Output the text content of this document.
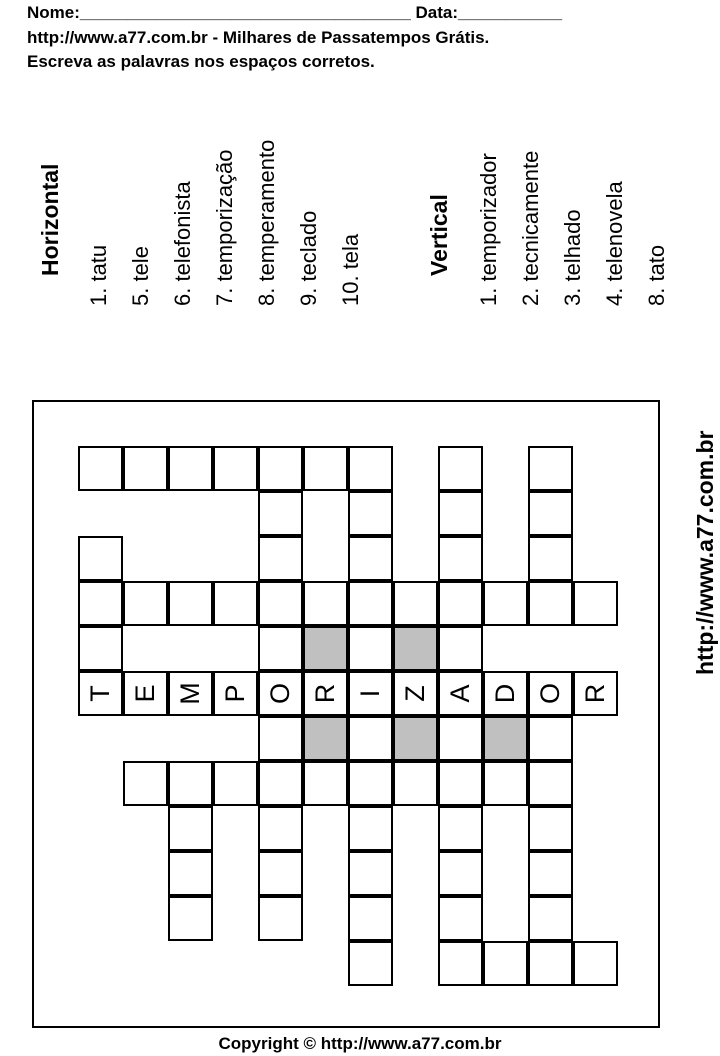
Nome:___________________________________ Data:___________
http://www.a77.com.br - Milhares de Passatempos Grátis.
Escreva as palavras nos espaços corretos.
Horizontal 1. tatu 5. tele 6. telefonista 7. temporização 8. temperamento 9. teclado 10. tela	Vertical 1. temporizador 2. tecnicamente 3. telhado 4. telenovela 8. tato
http://www.a77.com.br
T E M P O R I Z A D O R
Copyright © http://www.a77.com.br
